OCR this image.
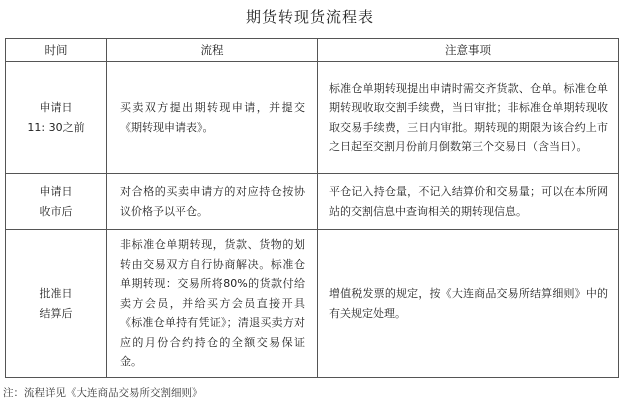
期货转现货流程表
时间	流程	注意事项

申请日
11: 30之前	买卖双方提出期转现申请，并提交《期转现申请表》。	标准仓单期转现提出申请时需交齐货款、仓单。标准仓单期转现收取交割手续费，当日审批；非标准仓单期转现收取交易手续费，三日内审批。期转现的期限为该合约上市之日起至交割月份前月倒数第三个交易日（含当日）。

申请日
收市后	对合格的买卖申请方的对应持仓按协议价格予以平仓。	平仓记入持仓量，不记入结算价和交易量；可以在本所网站的交割信息中查询相关的期转现信息。

批准日
结算后	非标准仓单期转现，货款、货物的划转由交易双方自行协商解决。标准仓单期转现：交易所将80%的货款付给卖方会员，并给买方会员直接开具《标准仓单持有凭证》；清退买卖方对应的月份合约持仓的全额交易保证金。	增值税发票的规定，按《大连商品交易所结算细则》中的有关规定处理。
注：流程详见《大连商品交易所交割细则》
